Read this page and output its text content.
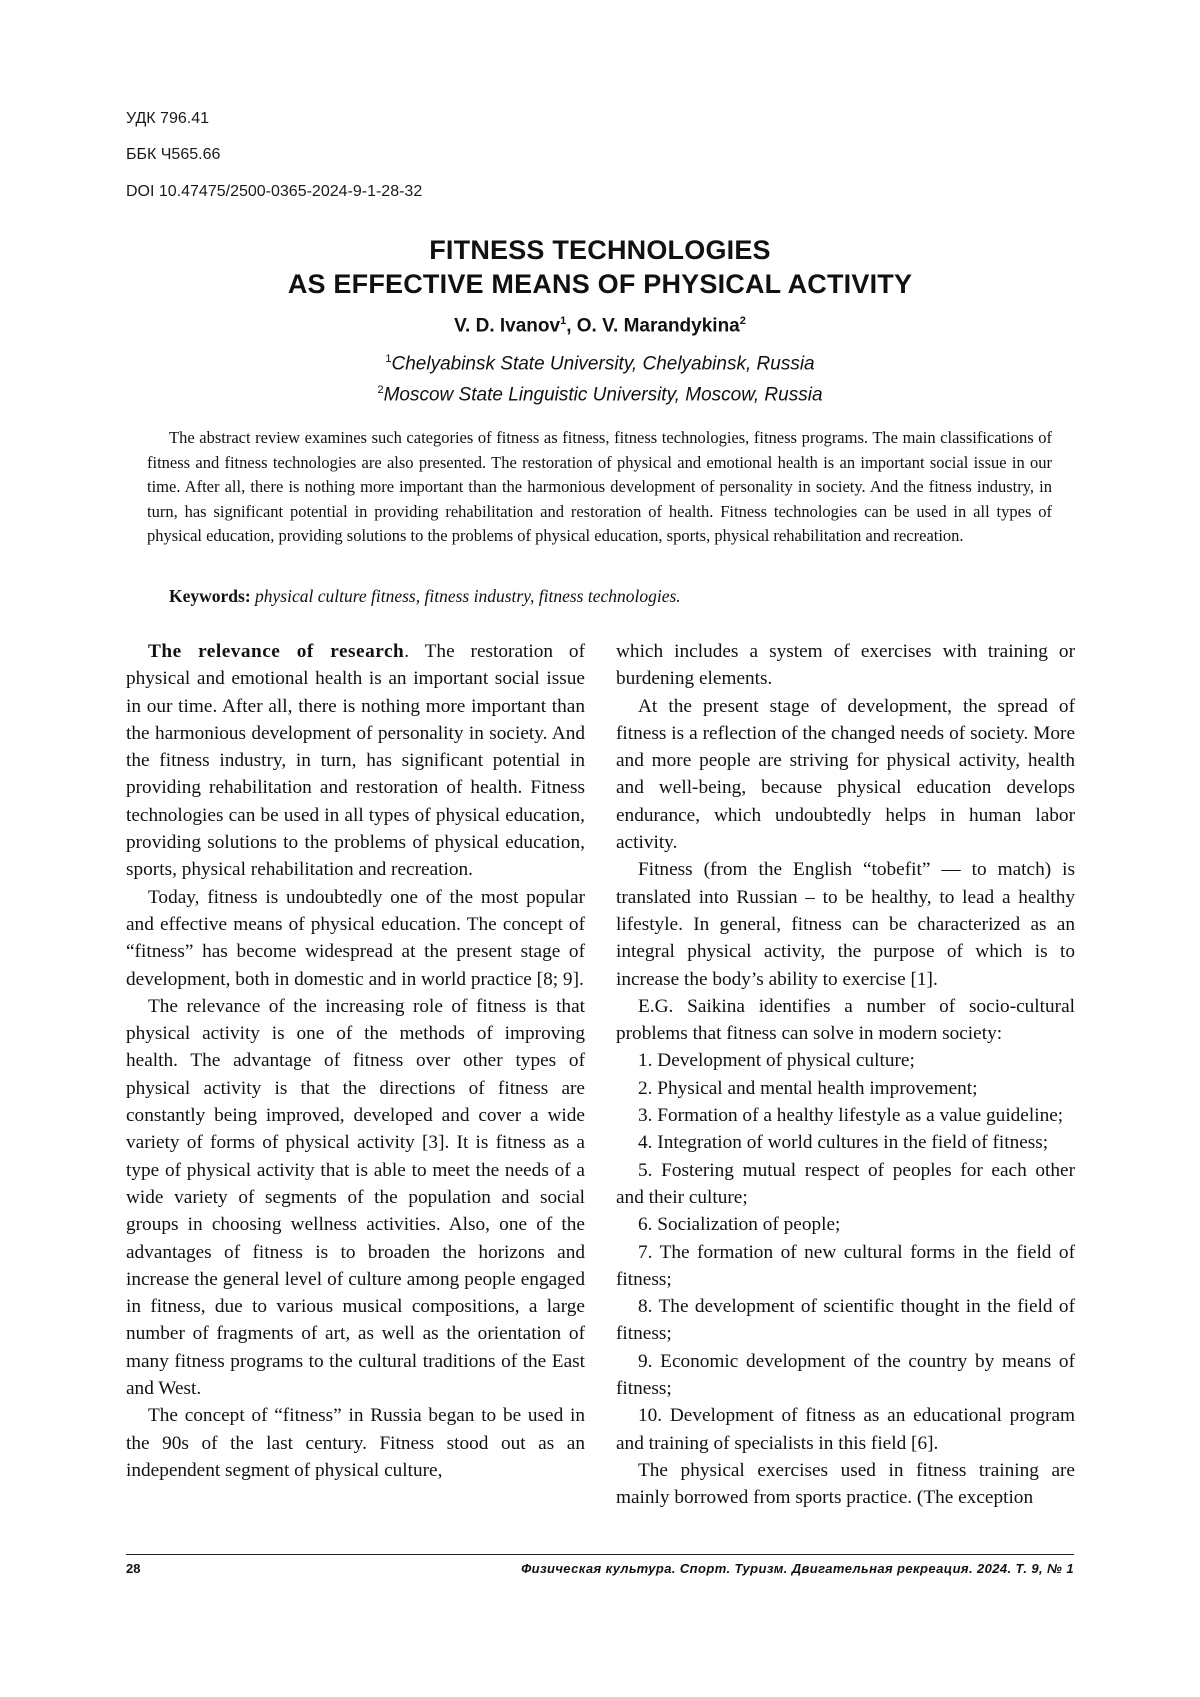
УДК 796.41
ББК Ч565.66
DOI 10.47475/2500-0365-2024-9-1-28-32
FITNESS TECHNOLOGIES
AS EFFECTIVE MEANS OF PHYSICAL ACTIVITY
V. D. Ivanov$^1$, O. V. Marandykina$^2$
$^1$Chelyabinsk State University, Chelyabinsk, Russia
$^2$Moscow State Linguistic University, Moscow, Russia

The abstract review examines such categories of fitness as fitness, fitness technologies, fitness programs. The main classifications of fitness and fitness technologies are also presented. The restoration of physical and emotional health is an important social issue in our time. After all, there is nothing more important than the harmonious development of personality in society. And the fitness industry, in turn, has significant potential in providing rehabilitation and restoration of health. Fitness technologies can be used in all types of physical education, providing solutions to the problems of physical education, sports, physical rehabilitation and recreation.

Keywords: physical culture fitness, fitness industry, fitness technologies.

The relevance of research. The restoration of physical and emotional health is an important social issue in our time. After all, there is nothing more important than the harmonious development of personality in society. And the fitness industry, in turn, has significant potential in providing rehabilitation and restoration of health. Fitness technologies can be used in all types of physical education, providing solutions to the problems of physical education, sports, physical rehabilitation and recreation.

Today, fitness is undoubtedly one of the most popular and effective means of physical education. The concept of “fitness” has become widespread at the present stage of development, both in domestic and in world practice [8; 9].

The relevance of the increasing role of fitness is that physical activity is one of the methods of improving health. The advantage of fitness over other types of physical activity is that the directions of fitness are constantly being improved, developed and cover a wide variety of forms of physical activity [3]. It is fitness as a type of physical activity that is able to meet the needs of a wide variety of segments of the population and social groups in choosing wellness activities. Also, one of the advantages of fitness is to broaden the horizons and increase the general level of culture among people engaged in fitness, due to various musical compositions, a large number of fragments of art, as well as the orientation of many fitness programs to the cultural traditions of the East and West.

The concept of “fitness” in Russia began to be used in the 90s of the last century. Fitness stood out as an independent segment of physical culture,

which includes a system of exercises with training or burdening elements.

At the present stage of development, the spread of fitness is a reflection of the changed needs of society. More and more people are striving for physical activity, health and well-being, because physical education develops endurance, which undoubtedly helps in human labor activity.

Fitness (from the English “tobefit” — to match) is translated into Russian – to be healthy, to lead a healthy lifestyle. In general, fitness can be characterized as an integral physical activity, the purpose of which is to increase the body’s ability to exercise [1].

E.G. Saikina identifies a number of socio-cultural problems that fitness can solve in modern society:

1. Development of physical culture;

2. Physical and mental health improvement;

3. Formation of a healthy lifestyle as a value guideline;

4. Integration of world cultures in the field of fitness;

5. Fostering mutual respect of peoples for each other and their culture;

6. Socialization of people;

7. The formation of new cultural forms in the field of fitness;

8. The development of scientific thought in the field of fitness;

9. Economic development of the country by means of fitness;

10. Development of fitness as an educational program and training of specialists in this field [6].

The physical exercises used in fitness training are mainly borrowed from sports practice. (The exception

28	Физическая культура. Спорт. Туризм. Двигательная рекреация. 2024. Т. 9, № 1
